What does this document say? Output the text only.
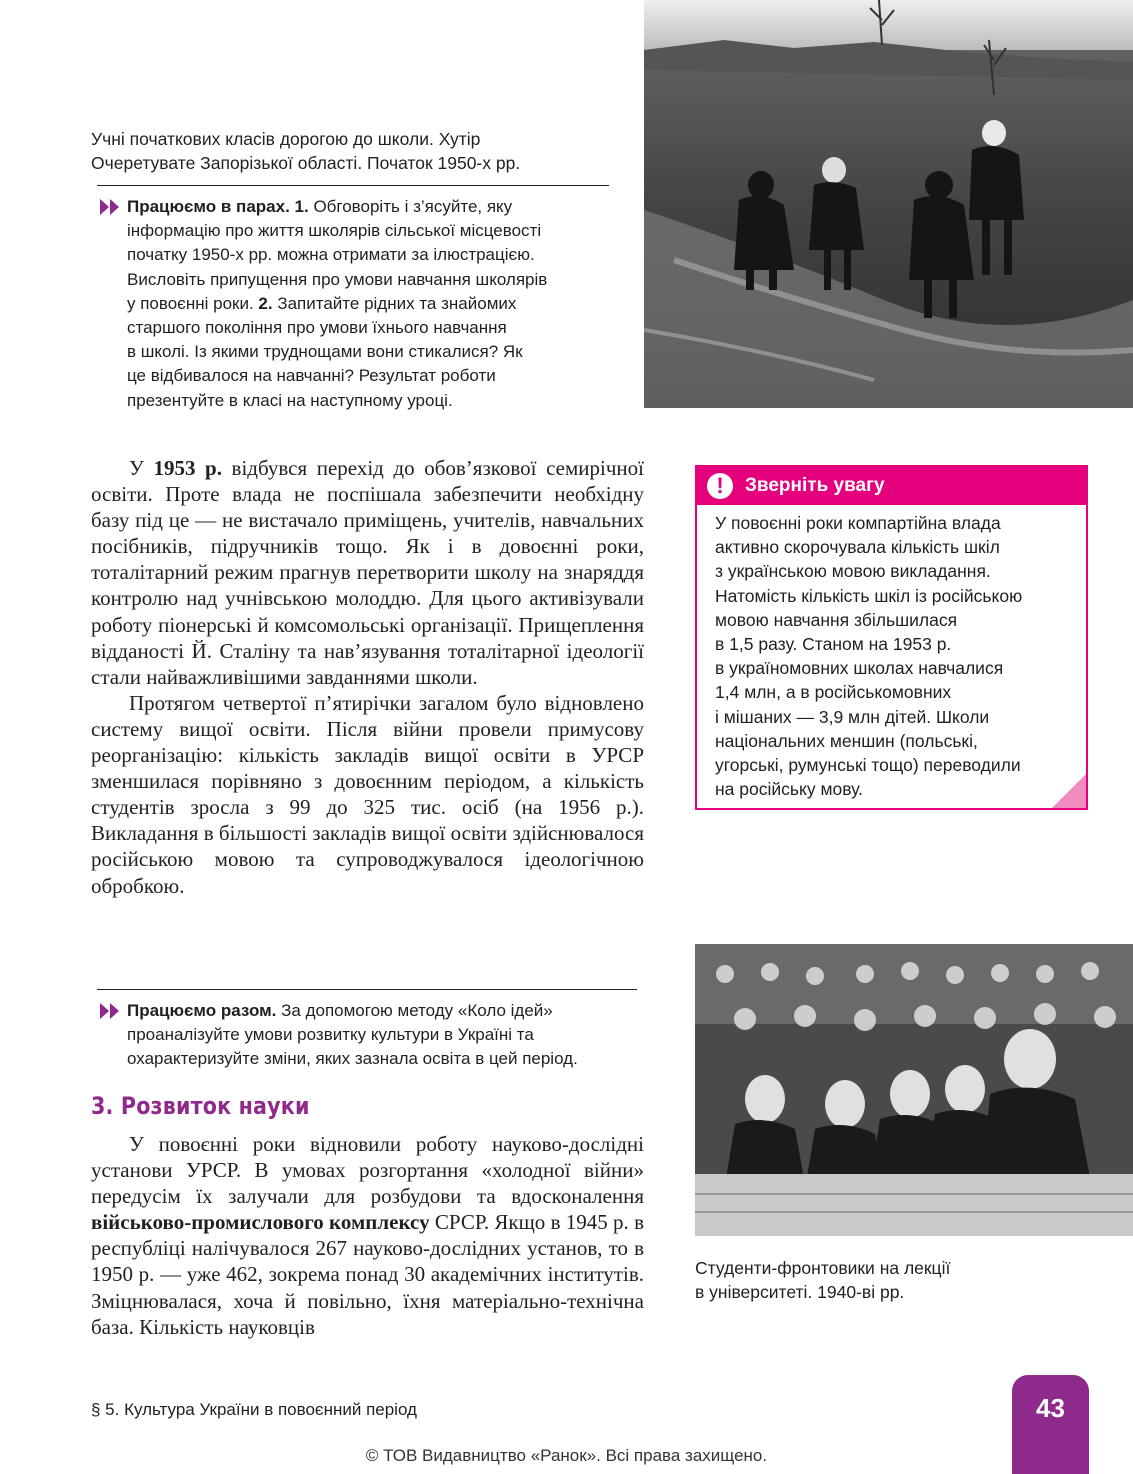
Учні початкових класів дорогою до школи. Хутір
Очеретувате Запорізької області. Початок 1950-х рр.
Працюємо в парах. 1. Обговоріть і з’ясуйте, яку
інформацію про життя школярів сільської місцевості
початку 1950-х рр. можна отримати за ілюстрацією.
Висловіть припущення про умови навчання школярів
у повоєнні роки. 2. Запитайте рідних та знайомих
старшого покоління про умови їхнього навчання
в школі. Із якими труднощами вони стикалися? Як
це відбивалося на навчанні? Результат роботи
презентуйте в класі на наступному уроці.

У 1953 р. відбувся перехід до обов’язкової семирічної освіти. Проте влада не поспішала забезпечити необхідну базу під це — не вистачало приміщень, учителів, навчальних посібників, підручників тощо. Як і в довоєнні роки, тоталітарний режим прагнув перетворити школу на знаряддя контролю над учнівською молоддю. Для цього активізували роботу піонерські й комсомольські організації. Прищеплення відданості Й. Сталіну та нав’язування тоталітарної ідеології стали найважливішими завданнями школи.

Протягом четвертої п’ятирічки загалом було відновлено систему вищої освіти. Після війни провели примусову реорганізацію: кількість закладів вищої освіти в УРСР зменшилася порівняно з довоєнним періодом, а кількість студентів зросла з 99 до 325 тис. осіб (на 1956 р.). Викладання в більшості закладів вищої освіти здійснювалося російською мовою та супроводжувалося ідеологічною обробкою.

!	Зверніть увагу
У повоєнні роки компартійна влада
активно скорочувала кількість шкіл
з українською мовою викладання.
Натомість кількість шкіл із російською
мовою навчання збільшилася
в 1,5 разу. Станом на 1953 р.
в україномовних школах навчалися
1,4 млн, а в російськомовних
і мішаних — 3,9 млн дітей. Школи
національних меншин (польські,
угорські, румунські тощо) переводили
на російську мову.
Працюємо разом. За допомогою методу «Коло ідей»
проаналізуйте умови розвитку культури в Україні та
охарактеризуйте зміни, яких зазнала освіта в цей період.
3. Розвиток науки

У повоєнні роки відновили роботу науково-дослідні установи УРСР. В умовах розгортання «холодної війни» передусім їх залучали для розбудови та вдосконалення військово-промислового комплексу СРСР. Якщо в 1945 р. в республіці налічувалося 267 науково-дослідних установ, то в 1950 р. — уже 462, зокрема понад 30 академічних інститутів. Зміцнювалася, хоча й повільно, їхня матеріально-технічна база. Кількість науковців

Студенти-фронтовики на лекції
в університеті. 1940-ві рр.
§ 5. Культура України в повоєнний період	43
© ТОВ Видавництво «Ранок». Всі права захищено.
